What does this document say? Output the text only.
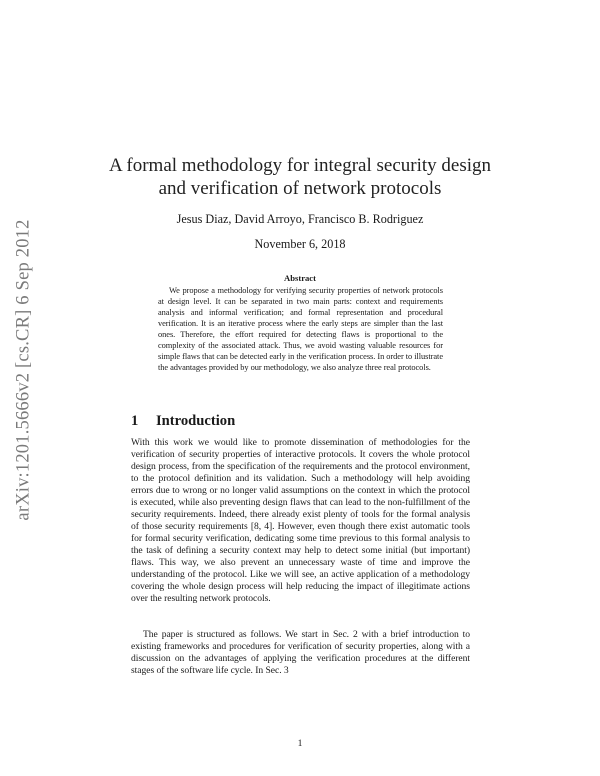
arXiv:1201.5666v2 [cs.CR] 6 Sep 2012
A formal methodology for integral security design and verification of network protocols
Jesus Diaz, David Arroyo, Francisco B. Rodriguez
November 6, 2018
Abstract
We propose a methodology for verifying security properties of network protocols at design level. It can be separated in two main parts: context and requirements analysis and informal verification; and formal representation and procedural verification. It is an iterative process where the early steps are simpler than the last ones. Therefore, the effort required for detecting flaws is proportional to the complexity of the associated attack. Thus, we avoid wasting valuable resources for simple flaws that can be detected early in the verification process. In order to illustrate the advantages provided by our methodology, we also analyze three real protocols.
1 Introduction
With this work we would like to promote dissemination of methodologies for the verification of security properties of interactive protocols. It covers the whole protocol design process, from the specification of the requirements and the protocol environment, to the protocol definition and its validation. Such a methodology will help avoiding errors due to wrong or no longer valid assumptions on the context in which the protocol is executed, while also preventing design flaws that can lead to the non-fulfillment of the security requirements. Indeed, there already exist plenty of tools for the formal analysis of those security requirements [8, 4]. However, even though there exist automatic tools for formal security verification, dedicating some time previous to this formal analysis to the task of defining a security context may help to detect some initial (but important) flaws. This way, we also prevent an unnecessary waste of time and improve the understanding of the protocol. Like we will see, an active application of a methodology covering the whole design process will help reducing the impact of illegitimate actions over the resulting network protocols.
The paper is structured as follows. We start in Sec. 2 with a brief introduction to existing frameworks and procedures for verification of security properties, along with a discussion on the advantages of applying the verification procedures at the different stages of the software life cycle. In Sec. 3
1
